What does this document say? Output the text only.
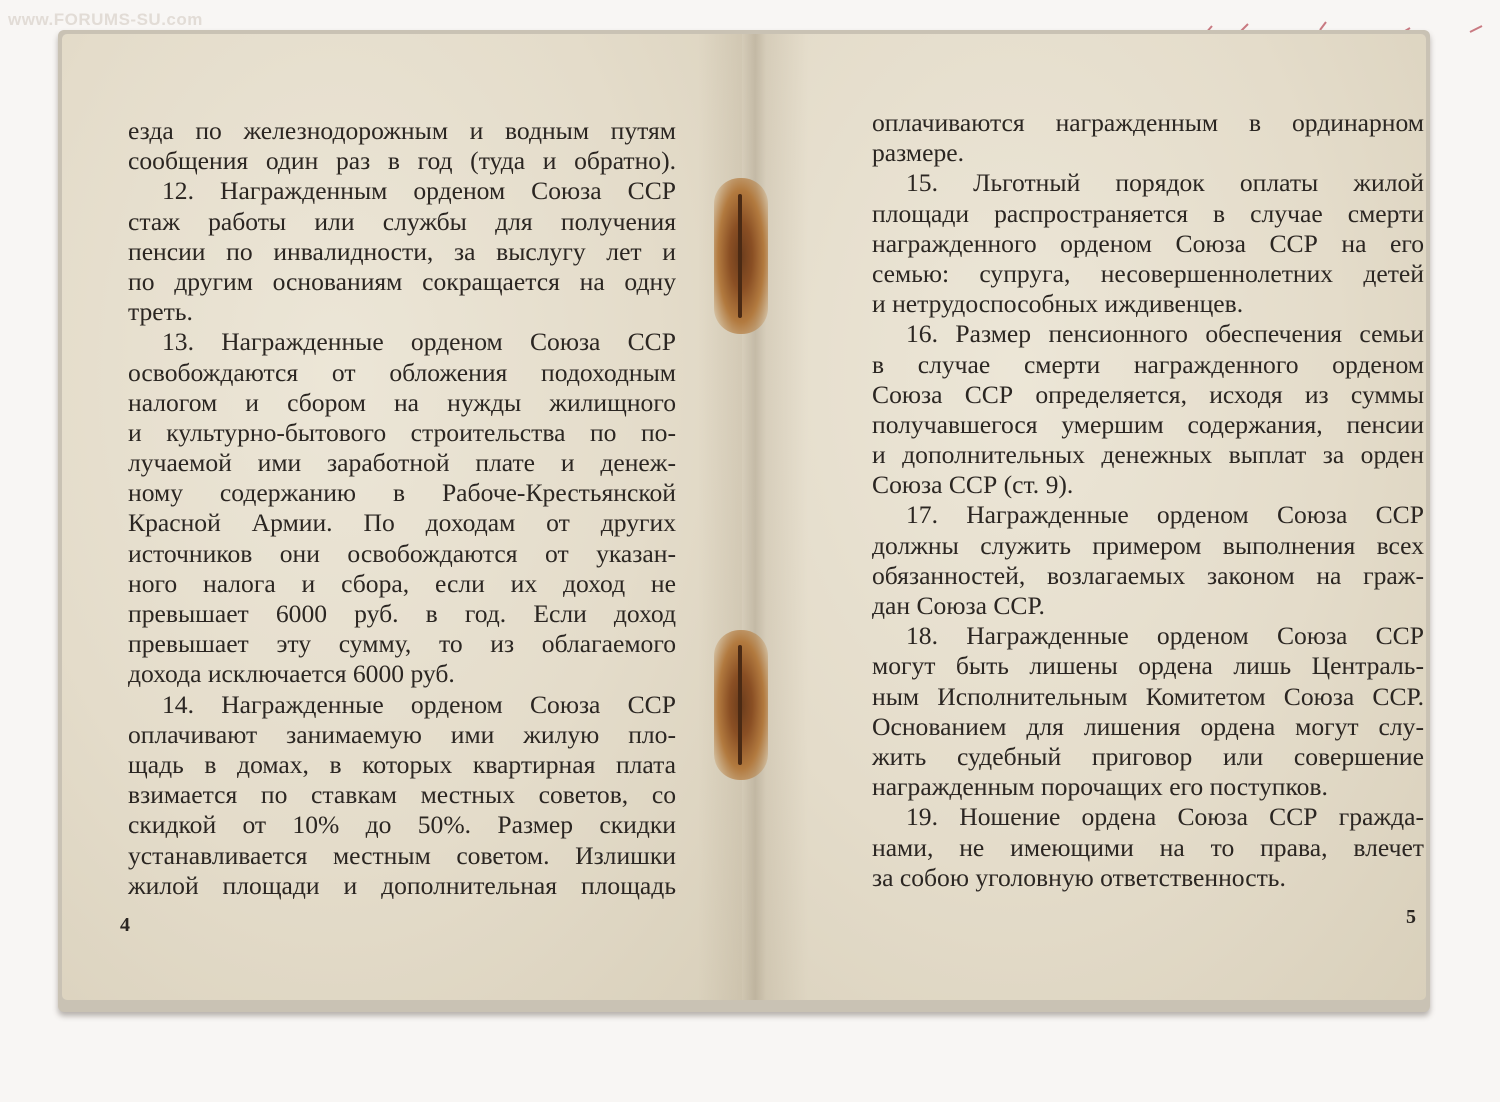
www.FORUMS-SU.com
езда по железнодорожным и водным путям
сообщения один раз в год (туда и обратно).
12. Награжденным орденом Союза ССР
стаж работы или службы для получения
пенсии по инвалидности, за выслугу лет и
по другим основаниям сокращается на одну
треть.
13. Награжденные орденом Союза ССР
освобождаются от обложения подоходным
налогом и сбором на нужды жилищного
и культурно-бытового строительства по по-
лучаемой ими заработной плате и денеж-
ному содержанию в Рабоче-Крестьянской
Красной Армии. По доходам от других
источников они освобождаются от указан-
ного налога и сбора, если их доход не
превышает 6000 руб. в год. Если доход
превышает эту сумму, то из облагаемого
дохода исключается 6000 руб.
14. Награжденные орденом Союза ССР
оплачивают занимаемую ими жилую пло-
щадь в домах, в которых квартирная плата
взимается по ставкам местных советов, со
скидкой от 10% до 50%. Размер скидки
устанавливается местным советом. Излишки
жилой площади и дополнительная площадь
4
оплачиваются награжденным в ординарном
размере.
15. Льготный порядок оплаты жилой
площади распространяется в случае смерти
награжденного орденом Союза ССР на его
семью: супруга, несовершеннолетних детей
и нетрудоспособных иждивенцев.
16. Размер пенсионного обеспечения семьи
в случае смерти награжденного орденом
Союза ССР определяется, исходя из суммы
получавшегося умершим содержания, пенсии
и дополнительных денежных выплат за орден
Союза ССР (ст. 9).
17. Награжденные орденом Союза ССР
должны служить примером выполнения всех
обязанностей, возлагаемых законом на граж-
дан Союза ССР.
18. Награжденные орденом Союза ССР
могут быть лишены ордена лишь Централь-
ным Исполнительным Комитетом Союза ССР.
Основанием для лишения ордена могут слу-
жить судебный приговор или совершение
награжденным порочащих его поступков.
19. Ношение ордена Союза ССР гражда-
нами, не имеющими на то права, влечет
за собою уголовную ответственность.
5
